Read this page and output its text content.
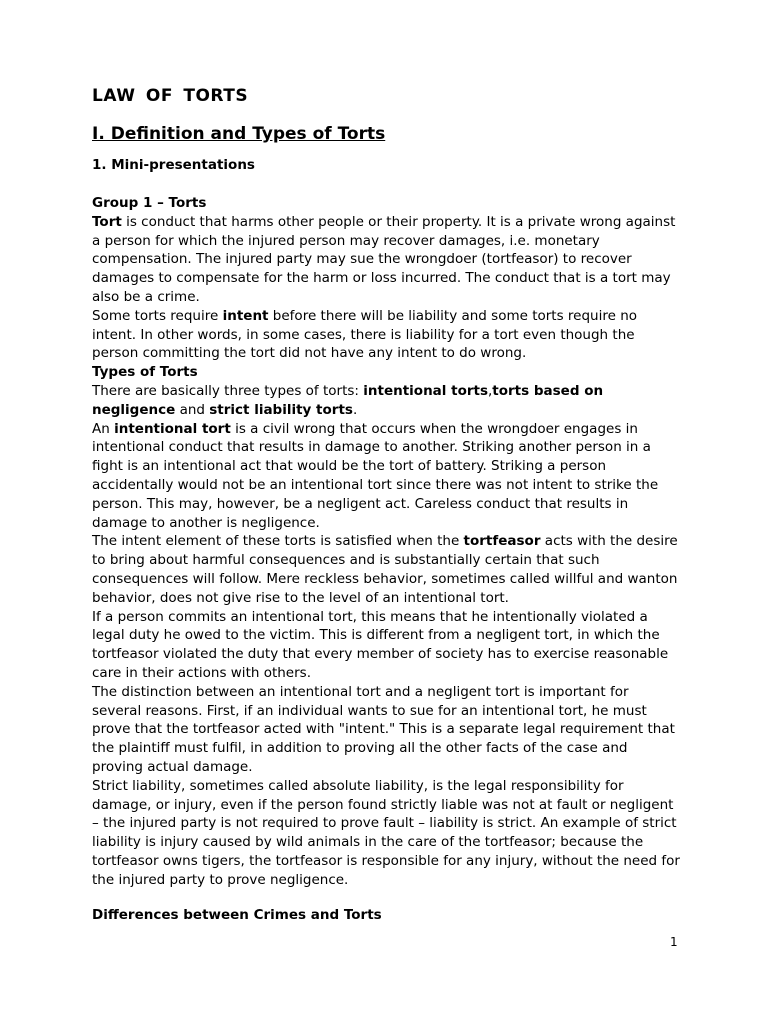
LAW OF TORTS
I. Definition and Types of Torts
1. Mini-presentations
Group 1 – Torts

Tort is conduct that harms other people or their property. It is a private wrong against a person for which the injured person may recover damages, i.e. monetary compensation. The injured party may sue the wrongdoer (tortfeasor) to recover damages to compensate for the harm or loss incurred. The conduct that is a tort may also be a crime.

Some torts require intent before there will be liability and some torts require no intent. In other words, in some cases, there is liability for a tort even though the person committing the tort did not have any intent to do wrong.

Types of Torts

There are basically three types of torts: intentional torts,torts based on negligence and strict liability torts.

An intentional tort is a civil wrong that occurs when the wrongdoer engages in intentional conduct that results in damage to another. Striking another person in a fight is an intentional act that would be the tort of battery. Striking a person accidentally would not be an intentional tort since there was not intent to strike the person. This may, however, be a negligent act. Careless conduct that results in damage to another is negligence.

The intent element of these torts is satisfied when the tortfeasor acts with the desire to bring about harmful consequences and is substantially certain that such consequences will follow. Mere reckless behavior, sometimes called willful and wanton behavior, does not give rise to the level of an intentional tort.

If a person commits an intentional tort, this means that he intentionally violated a legal duty he owed to the victim. This is different from a negligent tort, in which the tortfeasor violated the duty that every member of society has to exercise reasonable care in their actions with others.

The distinction between an intentional tort and a negligent tort is important for several reasons. First, if an individual wants to sue for an intentional tort, he must prove that the tortfeasor acted with "intent." This is a separate legal requirement that the plaintiff must fulfil, in addition to proving all the other facts of the case and proving actual damage.

Strict liability, sometimes called absolute liability, is the legal responsibility for damage, or injury, even if the person found strictly liable was not at fault or negligent – the injured party is not required to prove fault – liability is strict. An example of strict liability is injury caused by wild animals in the care of the tortfeasor; because the tortfeasor owns tigers, the tortfeasor is responsible for any injury, without the need for the injured party to prove negligence.

Differences between Crimes and Torts
1
